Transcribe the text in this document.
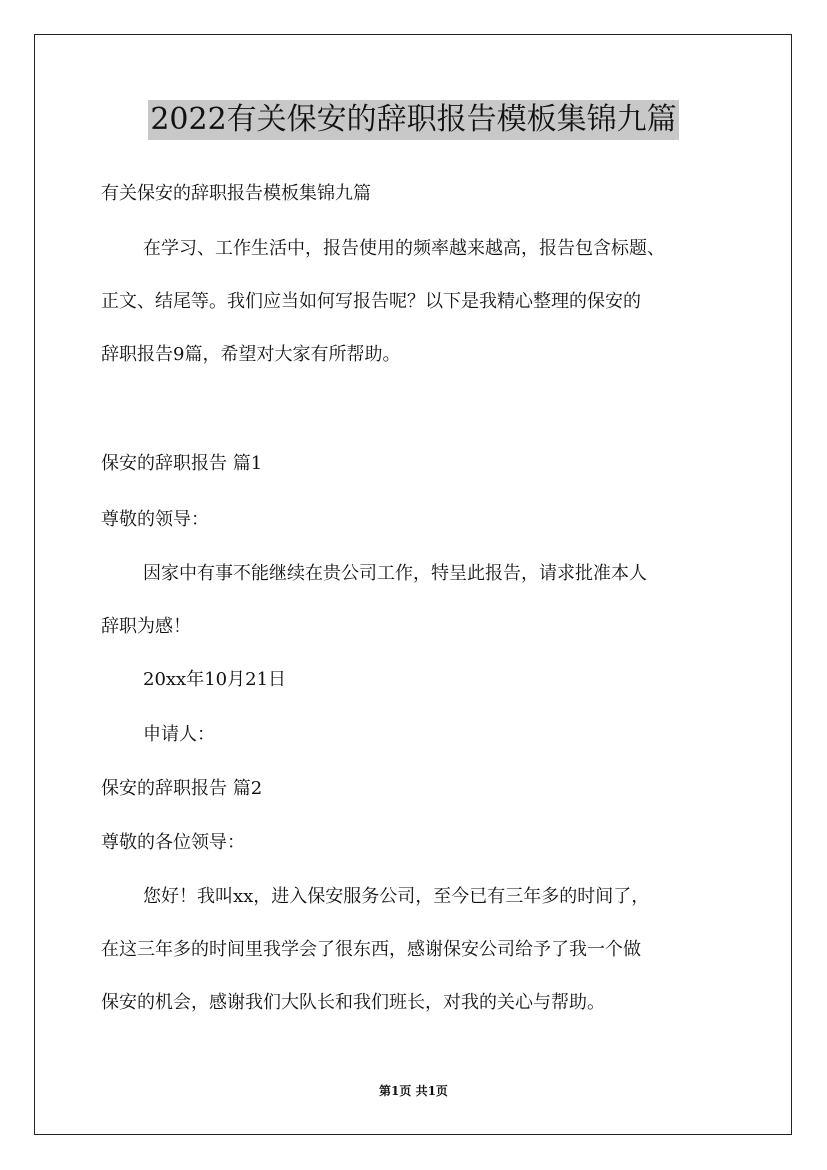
2022有关保安的辞职报告模板集锦九篇
有关保安的辞职报告模板集锦九篇
在学习、工作生活中，报告使用的频率越来越高，报告包含标题、
正文、结尾等。我们应当如何写报告呢？以下是我精心整理的保安的
辞职报告9篇，希望对大家有所帮助。
保安的辞职报告 篇1
尊敬的领导：
因家中有事不能继续在贵公司工作，特呈此报告，请求批准本人
辞职为感！
20xx年10月21日
申请人：
保安的辞职报告 篇2
尊敬的各位领导：
您好！我叫xx，进入保安服务公司，至今已有三年多的时间了，
在这三年多的时间里我学会了很东西，感谢保安公司给予了我一个做
保安的机会，感谢我们大队长和我们班长，对我的关心与帮助。
第1页 共1页
